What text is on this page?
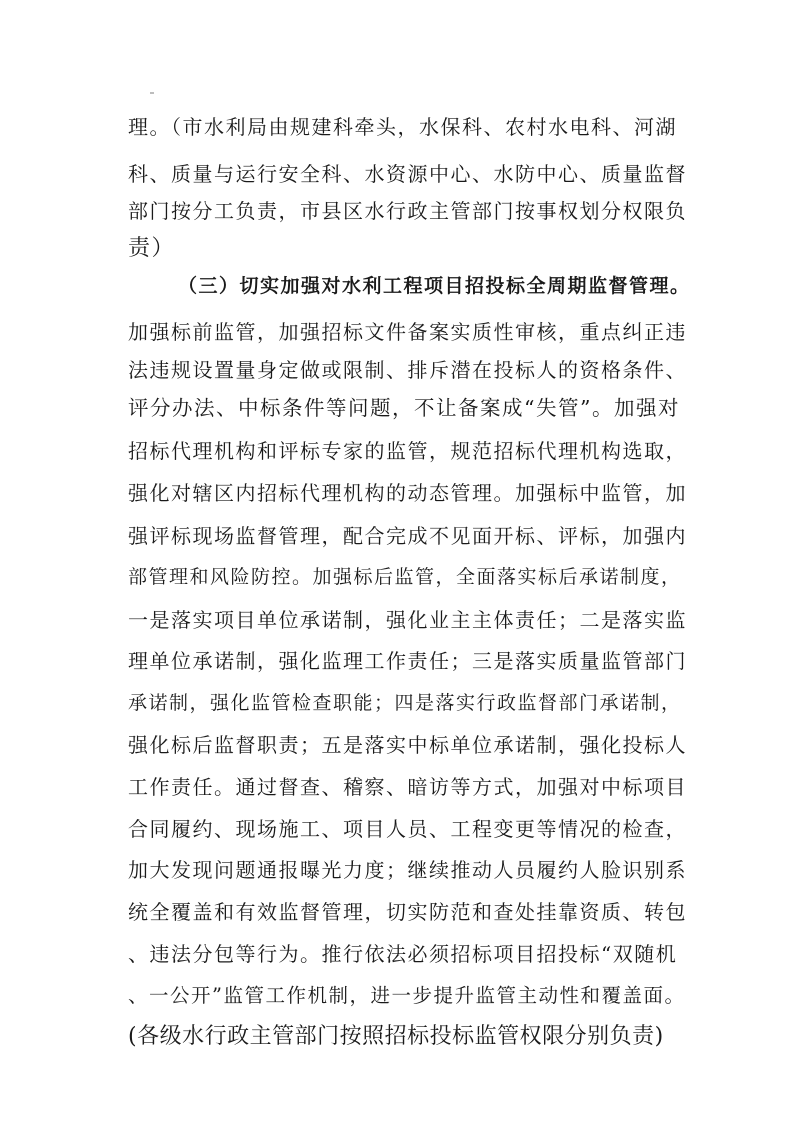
理。（市水利局由规建科牵头，水保科、农村水电科、河湖
科、质量与运行安全科、水资源中心、水防中心、质量监督
部门按分工负责，市县区水行政主管部门按事权划分权限负
责）
（三）切实加强对水利工程项目招投标全周期监督管理。
加强标前监管，加强招标文件备案实质性审核，重点纠正违
法违规设置量身定做或限制、排斥潜在投标人的资格条件、
评分办法、中标条件等问题，不让备案成“失管”。加强对
招标代理机构和评标专家的监管，规范招标代理机构选取，
强化对辖区内招标代理机构的动态管理。加强标中监管，加
强评标现场监督管理，配合完成不见面开标、评标，加强内
部管理和风险防控。加强标后监管，全面落实标后承诺制度，
一是落实项目单位承诺制，强化业主主体责任；二是落实监
理单位承诺制，强化监理工作责任；三是落实质量监管部门
承诺制，强化监管检查职能；四是落实行政监督部门承诺制，
强化标后监督职责；五是落实中标单位承诺制，强化投标人
工作责任。通过督查、稽察、暗访等方式，加强对中标项目
合同履约、现场施工、项目人员、工程变更等情况的检查，
加大发现问题通报曝光力度；继续推动人员履约人脸识别系
统全覆盖和有效监督管理，切实防范和查处挂靠资质、转包
、违法分包等行为。推行依法必须招标项目招投标“双随机
、一公开”监管工作机制，进一步提升监管主动性和覆盖面。
(各级水行政主管部门按照招标投标监管权限分别负责)
